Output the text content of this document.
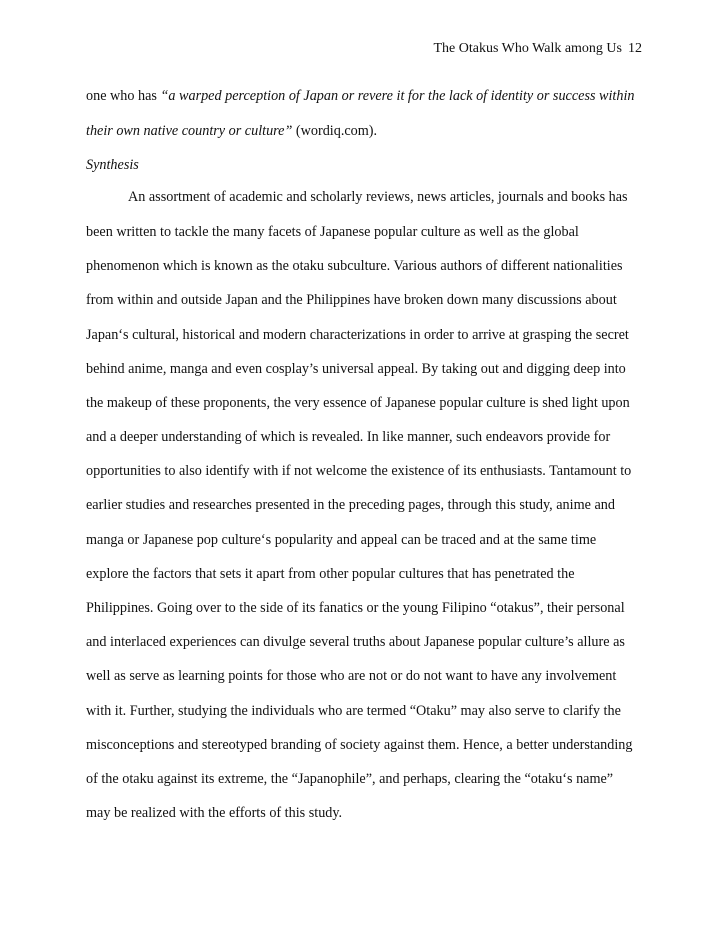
The Otakus Who Walk among Us 12
one who has “a warped perception of Japan or revere it for the lack of identity or success within
their own native country or culture” (wordiq.com).
Synthesis
An assortment of academic and scholarly reviews, news articles, journals and books has
been written to tackle the many facets of Japanese popular culture as well as the global
phenomenon which is known as the otaku subculture. Various authors of different nationalities
from within and outside Japan and the Philippines have broken down many discussions about
Japan‘s cultural, historical and modern characterizations in order to arrive at grasping the secret
behind anime, manga and even cosplay’s universal appeal. By taking out and digging deep into
the makeup of these proponents, the very essence of Japanese popular culture is shed light upon
and a deeper understanding of which is revealed. In like manner, such endeavors provide for
opportunities to also identify with if not welcome the existence of its enthusiasts. Tantamount to
earlier studies and researches presented in the preceding pages, through this study, anime and
manga or Japanese pop culture‘s popularity and appeal can be traced and at the same time
explore the factors that sets it apart from other popular cultures that has penetrated the
Philippines. Going over to the side of its fanatics or the young Filipino “otakus”, their personal
and interlaced experiences can divulge several truths about Japanese popular culture’s allure as
well as serve as learning points for those who are not or do not want to have any involvement
with it. Further, studying the individuals who are termed “Otaku” may also serve to clarify the
misconceptions and stereotyped branding of society against them. Hence, a better understanding
of the otaku against its extreme, the “Japanophile”, and perhaps, clearing the “otaku‘s name”
may be realized with the efforts of this study.
